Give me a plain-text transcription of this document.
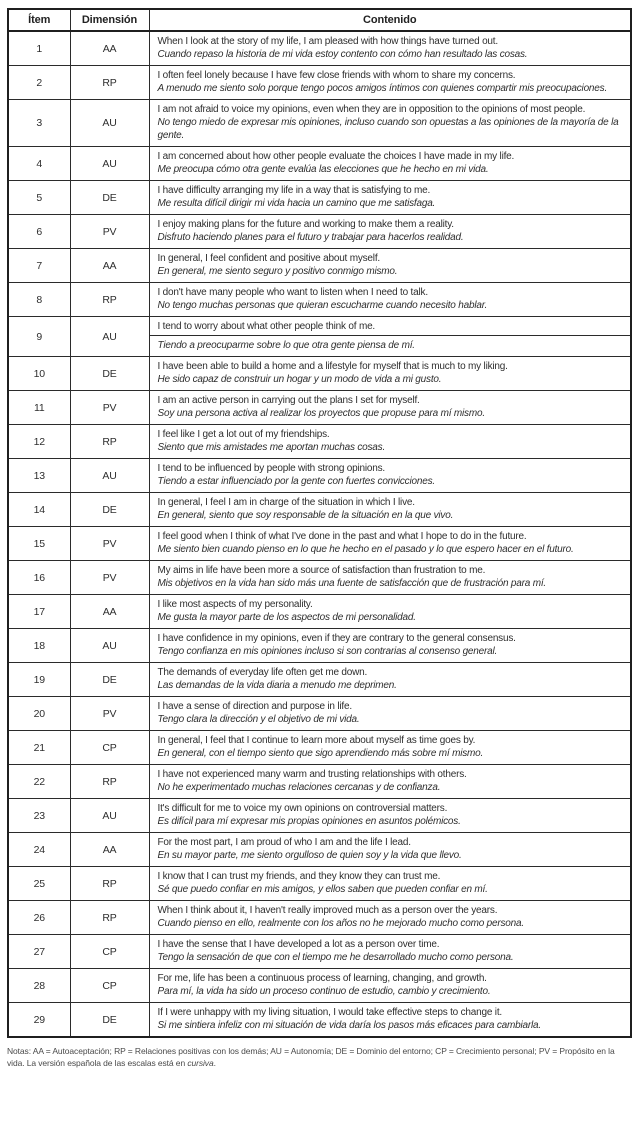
Ítem	Dimensión	Contenido
1	AA	When I look at the story of my life, I am pleased with how things have turned out.
Cuando repaso la historia de mi vida estoy contento con cómo han resultado las cosas.

2	RP	I often feel lonely because I have few close friends with whom to share my concerns.
A menudo me siento solo porque tengo pocos amigos íntimos con quienes compartir mis preocupaciones.

3	AU	I am not afraid to voice my opinions, even when they are in opposition to the opinions of most people.
No tengo miedo de expresar mis opiniones, incluso cuando son opuestas a las opiniones de la mayoría de la gente.

4	AU	I am concerned about how other people evaluate the choices I have made in my life.
Me preocupa cómo otra gente evalúa las elecciones que he hecho en mi vida.

5	DE	I have difficulty arranging my life in a way that is satisfying to me.
Me resulta difícil dirigir mi vida hacia un camino que me satisfaga.

6	PV	I enjoy making plans for the future and working to make them a reality.
Disfruto haciendo planes para el futuro y trabajar para hacerlos realidad.

7	AA	In general, I feel confident and positive about myself.
En general, me siento seguro y positivo conmigo mismo.

8	RP	I don't have many people who want to listen when I need to talk.
No tengo muchas personas que quieran escucharme cuando necesito hablar.

9	AU	I tend to worry about what other people think of me.
Tiendo a preocuparme sobre lo que otra gente piensa de mí.

10	DE	I have been able to build a home and a lifestyle for myself that is much to my liking.
He sido capaz de construir un hogar y un modo de vida a mi gusto.

11	PV	I am an active person in carrying out the plans I set for myself.
Soy una persona activa al realizar los proyectos que propuse para mí mismo.

12	RP	I feel like I get a lot out of my friendships.
Siento que mis amistades me aportan muchas cosas.

13	AU	I tend to be influenced by people with strong opinions.
Tiendo a estar influenciado por la gente con fuertes convicciones.

14	DE	In general, I feel I am in charge of the situation in which I live.
En general, siento que soy responsable de la situación en la que vivo.

15	PV	I feel good when I think of what I've done in the past and what I hope to do in the future.
Me siento bien cuando pienso en lo que he hecho en el pasado y lo que espero hacer en el futuro.

16	PV	My aims in life have been more a source of satisfaction than frustration to me.
Mis objetivos en la vida han sido más una fuente de satisfacción que de frustración para mí.

17	AA	I like most aspects of my personality.
Me gusta la mayor parte de los aspectos de mi personalidad.

18	AU	I have confidence in my opinions, even if they are contrary to the general consensus.
Tengo confianza en mis opiniones incluso si son contrarias al consenso general.

19	DE	The demands of everyday life often get me down.
Las demandas de la vida diaria a menudo me deprimen.

20	PV	I have a sense of direction and purpose in life.
Tengo clara la dirección y el objetivo de mi vida.

21	CP	In general, I feel that I continue to learn more about myself as time goes by.
En general, con el tiempo siento que sigo aprendiendo más sobre mí mismo.

22	RP	I have not experienced many warm and trusting relationships with others.
No he experimentado muchas relaciones cercanas y de confianza.

23	AU	It's difficult for me to voice my own opinions on controversial matters.
Es difícil para mí expresar mis propias opiniones en asuntos polémicos.

24	AA	For the most part, I am proud of who I am and the life I lead.
En su mayor parte, me siento orgulloso de quien soy y la vida que llevo.

25	RP	I know that I can trust my friends, and they know they can trust me.
Sé que puedo confiar en mis amigos, y ellos saben que pueden confiar en mí.

26	RP	When I think about it, I haven't really improved much as a person over the years.
Cuando pienso en ello, realmente con los años no he mejorado mucho como persona.

27	CP	I have the sense that I have developed a lot as a person over time.
Tengo la sensación de que con el tiempo me he desarrollado mucho como persona.

28	CP	For me, life has been a continuous process of learning, changing, and growth.
Para mí, la vida ha sido un proceso continuo de estudio, cambio y crecimiento.

29	DE	If I were unhappy with my living situation, I would take effective steps to change it.
Si me sintiera infeliz con mi situación de vida daría los pasos más eficaces para cambiarla.

Notas: AA = Autoaceptación; RP = Relaciones positivas con los demás; AU = Autonomía; DE = Dominio del entorno; CP = Crecimiento personal; PV = Propósito en la vida. La versión española de las escalas está en cursiva.
